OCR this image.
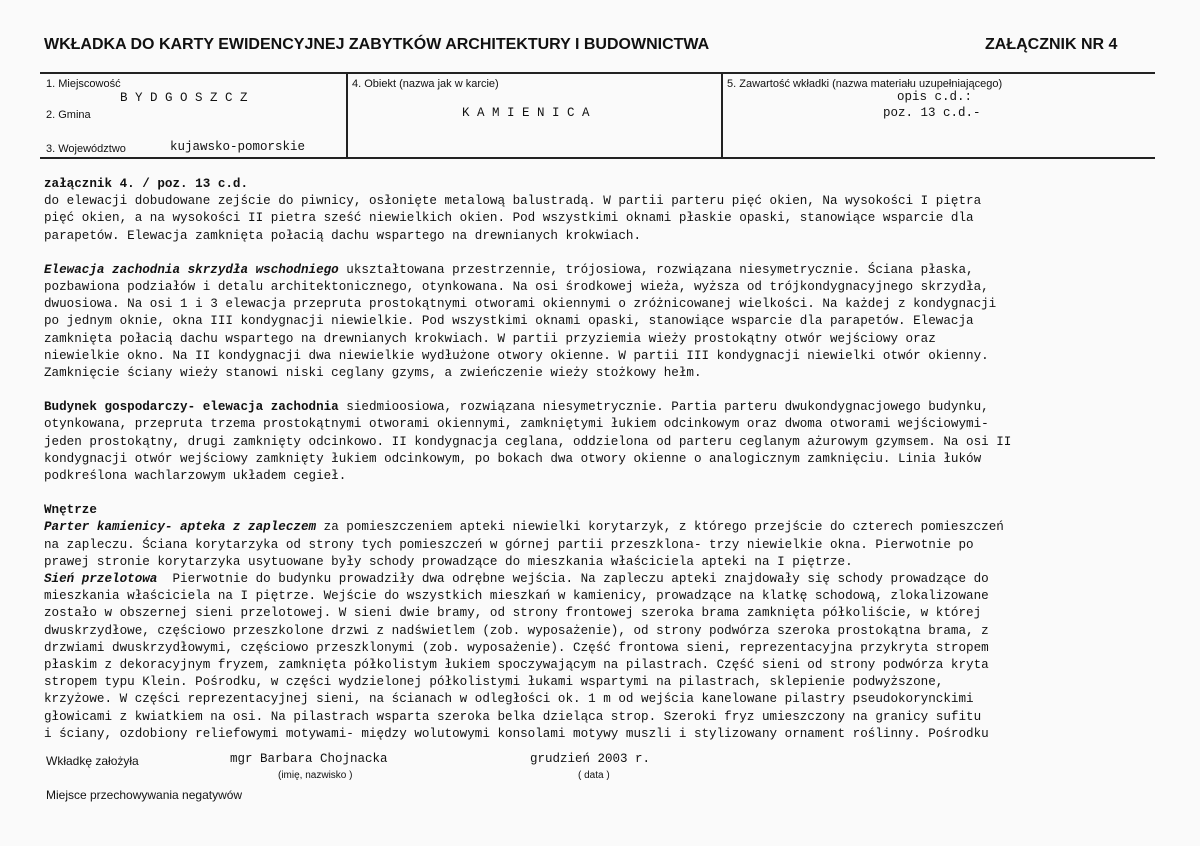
WKŁADKA DO KARTY EWIDENCYJNEJ ZABYTKÓW ARCHITEKTURY I BUDOWNICTWA	ZAŁĄCZNIK NR 4
1. Miejscowość
B Y D G O S Z C Z
2. Gmina
3. Województwo	kujawsko-pomorskie
4. Obiekt (nazwa jak w karcie)
K A M I E N I C A
5. Zawartość wkładki (nazwa materiału uzupełniającego)
opis c.d.:
poz. 13 c.d.-

załącznik 4. / poz. 13 c.d.

do elewacji dobudowane zejście do piwnicy, osłonięte metalową balustradą. W partii parteru pięć okien, Na wysokości I piętra

pięć okien, a na wysokości II pietra sześć niewielkich okien. Pod wszystkimi oknami płaskie opaski, stanowiące wsparcie dla

parapetów. Elewacja zamknięta połacią dachu wspartego na drewnianych krokwiach.

Elewacja zachodnia skrzydła wschodniego ukształtowana przestrzennie, trójosiowa, rozwiązana niesymetrycznie. Ściana płaska,

pozbawiona podziałów i detalu architektonicznego, otynkowana. Na osi środkowej wieża, wyższa od trójkondygnacyjnego skrzydła,

dwuosiowa. Na osi 1 i 3 elewacja przepruta prostokątnymi otworami okiennymi o zróżnicowanej wielkości. Na każdej z kondygnacji

po jednym oknie, okna III kondygnacji niewielkie. Pod wszystkimi oknami opaski, stanowiące wsparcie dla parapetów. Elewacja

zamknięta połacią dachu wspartego na drewnianych krokwiach. W partii przyziemia wieży prostokątny otwór wejściowy oraz

niewielkie okno. Na II kondygnacji dwa niewielkie wydłużone otwory okienne. W partii III kondygnacji niewielki otwór okienny.

Zamknięcie ściany wieży stanowi niski ceglany gzyms, a zwieńczenie wieży stożkowy hełm.

Budynek gospodarczy- elewacja zachodnia siedmioosiowa, rozwiązana niesymetrycznie. Partia parteru dwukondygnacjowego budynku,

otynkowana, przepruta trzema prostokątnymi otworami okiennymi, zamkniętymi łukiem odcinkowym oraz dwoma otworami wejściowymi-

jeden prostokątny, drugi zamknięty odcinkowo. II kondygnacja ceglana, oddzielona od parteru ceglanym ażurowym gzymsem. Na osi II

kondygnacji otwór wejściowy zamknięty łukiem odcinkowym, po bokach dwa otwory okienne o analogicznym zamknięciu. Linia łuków

podkreślona wachlarzowym układem cegieł.

Wnętrze

Parter kamienicy- apteka z zapleczem za pomieszczeniem apteki niewielki korytarzyk, z którego przejście do czterech pomieszczeń

na zapleczu. Ściana korytarzyka od strony tych pomieszczeń w górnej partii przeszklona- trzy niewielkie okna. Pierwotnie po

prawej stronie korytarzyka usytuowane były schody prowadzące do mieszkania właściciela apteki na I piętrze.

Sień przelotowa  Pierwotnie do budynku prowadziły dwa odrębne wejścia. Na zapleczu apteki znajdowały się schody prowadzące do

mieszkania właściciela na I piętrze. Wejście do wszystkich mieszkań w kamienicy, prowadzące na klatkę schodową, zlokalizowane

zostało w obszernej sieni przelotowej. W sieni dwie bramy, od strony frontowej szeroka brama zamknięta półkoliście, w której

dwuskrzydłowe, częściowo przeszkolone drzwi z nadświetlem (zob. wyposażenie), od strony podwórza szeroka prostokątna brama, z

drzwiami dwuskrzydłowymi, częściowo przeszklonymi (zob. wyposażenie). Część frontowa sieni, reprezentacyjna przykryta stropem

płaskim z dekoracyjnym fryzem, zamknięta półkolistym łukiem spoczywającym na pilastrach. Część sieni od strony podwórza kryta

stropem typu Klein. Pośrodku, w części wydzielonej półkolistymi łukami wspartymi na pilastrach, sklepienie podwyższone,

krzyżowe. W części reprezentacyjnej sieni, na ścianach w odległości ok. 1 m od wejścia kanelowane pilastry pseudokorynckimi

głowicami z kwiatkiem na osi. Na pilastrach wsparta szeroka belka dzieląca strop. Szeroki fryz umieszczony na granicy sufitu

i ściany, ozdobiony reliefowymi motywami- między wolutowymi konsolami motywy muszli i stylizowany ornament roślinny. Pośrodku

Wkładkę założyła	mgr Barbara Chojnacka
(imię, nazwisko )
grudzień 2003 r.
( data )
Miejsce przechowywania negatywów
